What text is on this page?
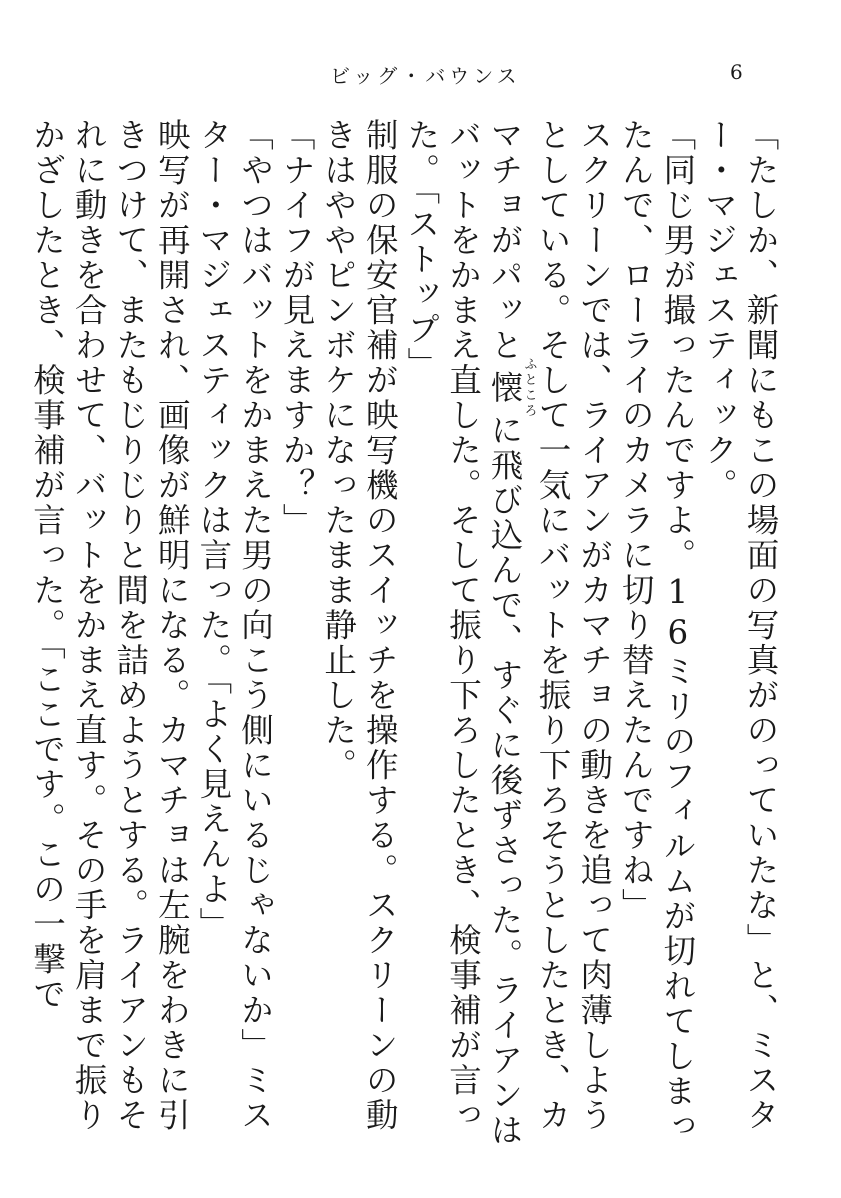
ビッグ・バウンス	6

「たしか、新聞にもこの場面の写真がのっていたな」と、ミスター・マジェスティック。

「同じ男が撮ったんですよ。16ミリのフィルムが切れてしまったんで、ローライのカメラに切り替えたんですね」

スクリーンでは、ライアンがカマチョの動きを追って肉薄しようとしている。そして一気にバットを振り下ろそうとしたとき、カマチョがパッと懐ふところに飛び込んで、すぐに後ずさった。ライアンはバットをかまえ直した。そして振り下ろしたとき、検事補が言った。「ストップ」

制服の保安官補が映写機のスイッチを操作する。スクリーンの動きはややピンボケになったまま静止した。

「ナイフが見えますか？」

「やつはバットをかまえた男の向こう側にいるじゃないか」ミスター・マジェスティックは言った。「よく見えんよ」

映写が再開され、画像が鮮明になる。カマチョは左腕をわきに引きつけて、またもじりじりと間を詰めようとする。ライアンもそれに動きを合わせて、バットをかまえ直す。その手を肩まで振りかざしたとき、検事補が言った。「ここです。この一撃で
